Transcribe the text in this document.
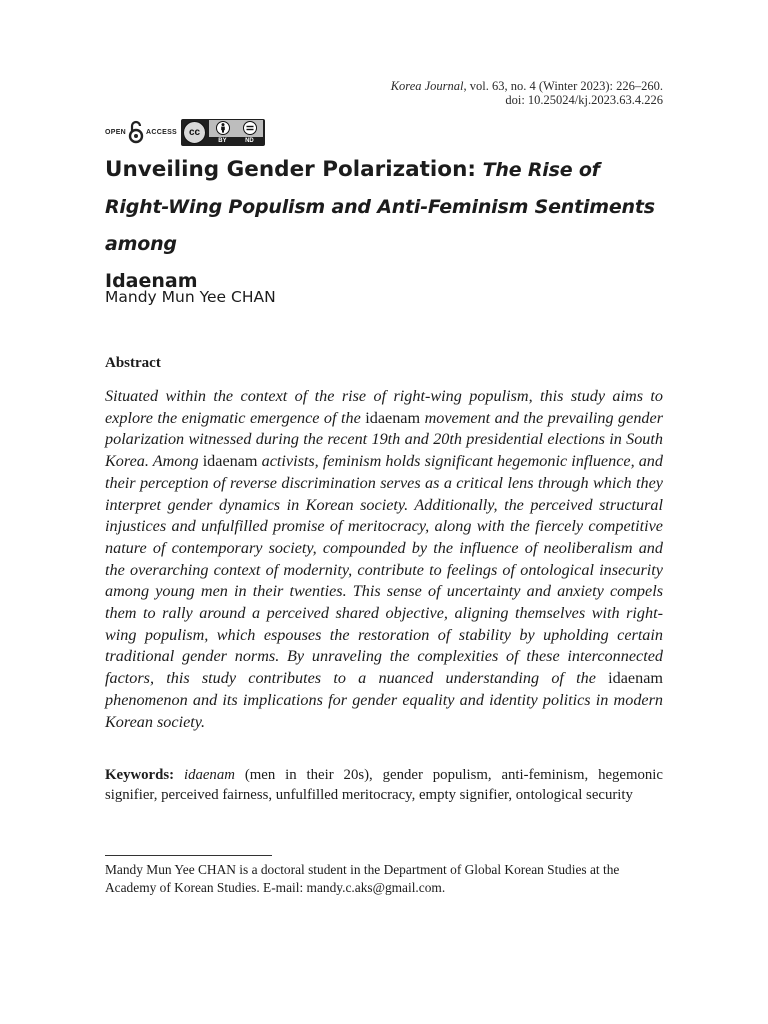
Korea Journal, vol. 63, no. 4 (Winter 2023): 226–260.
doi: 10.25024/kj.2023.63.4.226
OPEN	ACCESS cc
BY	ND
Unveiling Gender Polarization: The Rise of Right-Wing Populism and Anti-Feminism Sentiments among
Idaenam
Mandy Mun Yee CHAN
Abstract

Situated within the context of the rise of right-wing populism, this study aims to explore the enigmatic emergence of the idaenam movement and the prevailing gender polarization witnessed during the recent 19th and 20th presidential elections in South Korea. Among idaenam activists, feminism holds significant hegemonic influence, and their perception of reverse discrimination serves as a critical lens through which they interpret gender dynamics in Korean society. Additionally, the perceived structural injustices and unfulfilled promise of meritocracy, along with the fiercely competitive nature of contemporary society, compounded by the influence of neoliberalism and the overarching context of modernity, contribute to feelings of ontological insecurity among young men in their twenties. This sense of uncertainty and anxiety compels them to rally around a perceived shared objective, aligning themselves with right-wing populism, which espouses the restoration of stability by upholding certain traditional gender norms. By unraveling the complexities of these interconnected factors, this study contributes to a nuanced understanding of the idaenam phenomenon and its implications for gender equality and identity politics in modern Korean society.

Keywords: idaenam (men in their 20s), gender populism, anti-feminism, hegemonic signifier, perceived fairness, unfulfilled meritocracy, empty signifier, ontological security

Mandy Mun Yee CHAN is a doctoral student in the Department of Global Korean Studies at the Academy of Korean Studies. E-mail: mandy.c.aks@gmail.com.
